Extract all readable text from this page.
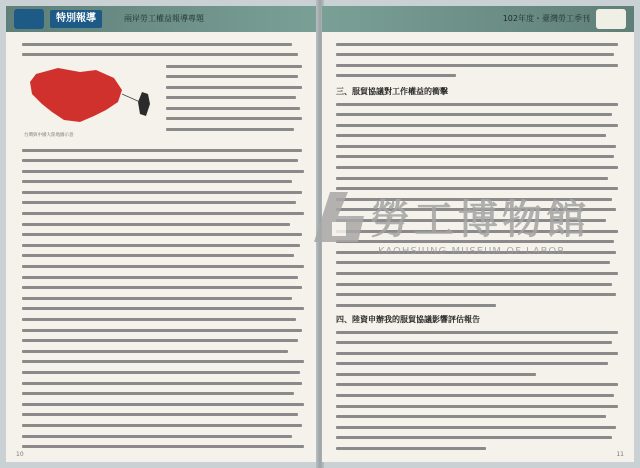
特別報導	兩岸勞工權益報導專題
台灣與中國大陸地圖示意
10
102年度・臺灣勞工季刊
三、服貿協議對工作權益的衝擊
四、陸資申辦我的服貿協議影響評估報告
11
勞工博物館
KAOHSIUNG MUSEUM OF LABOR
